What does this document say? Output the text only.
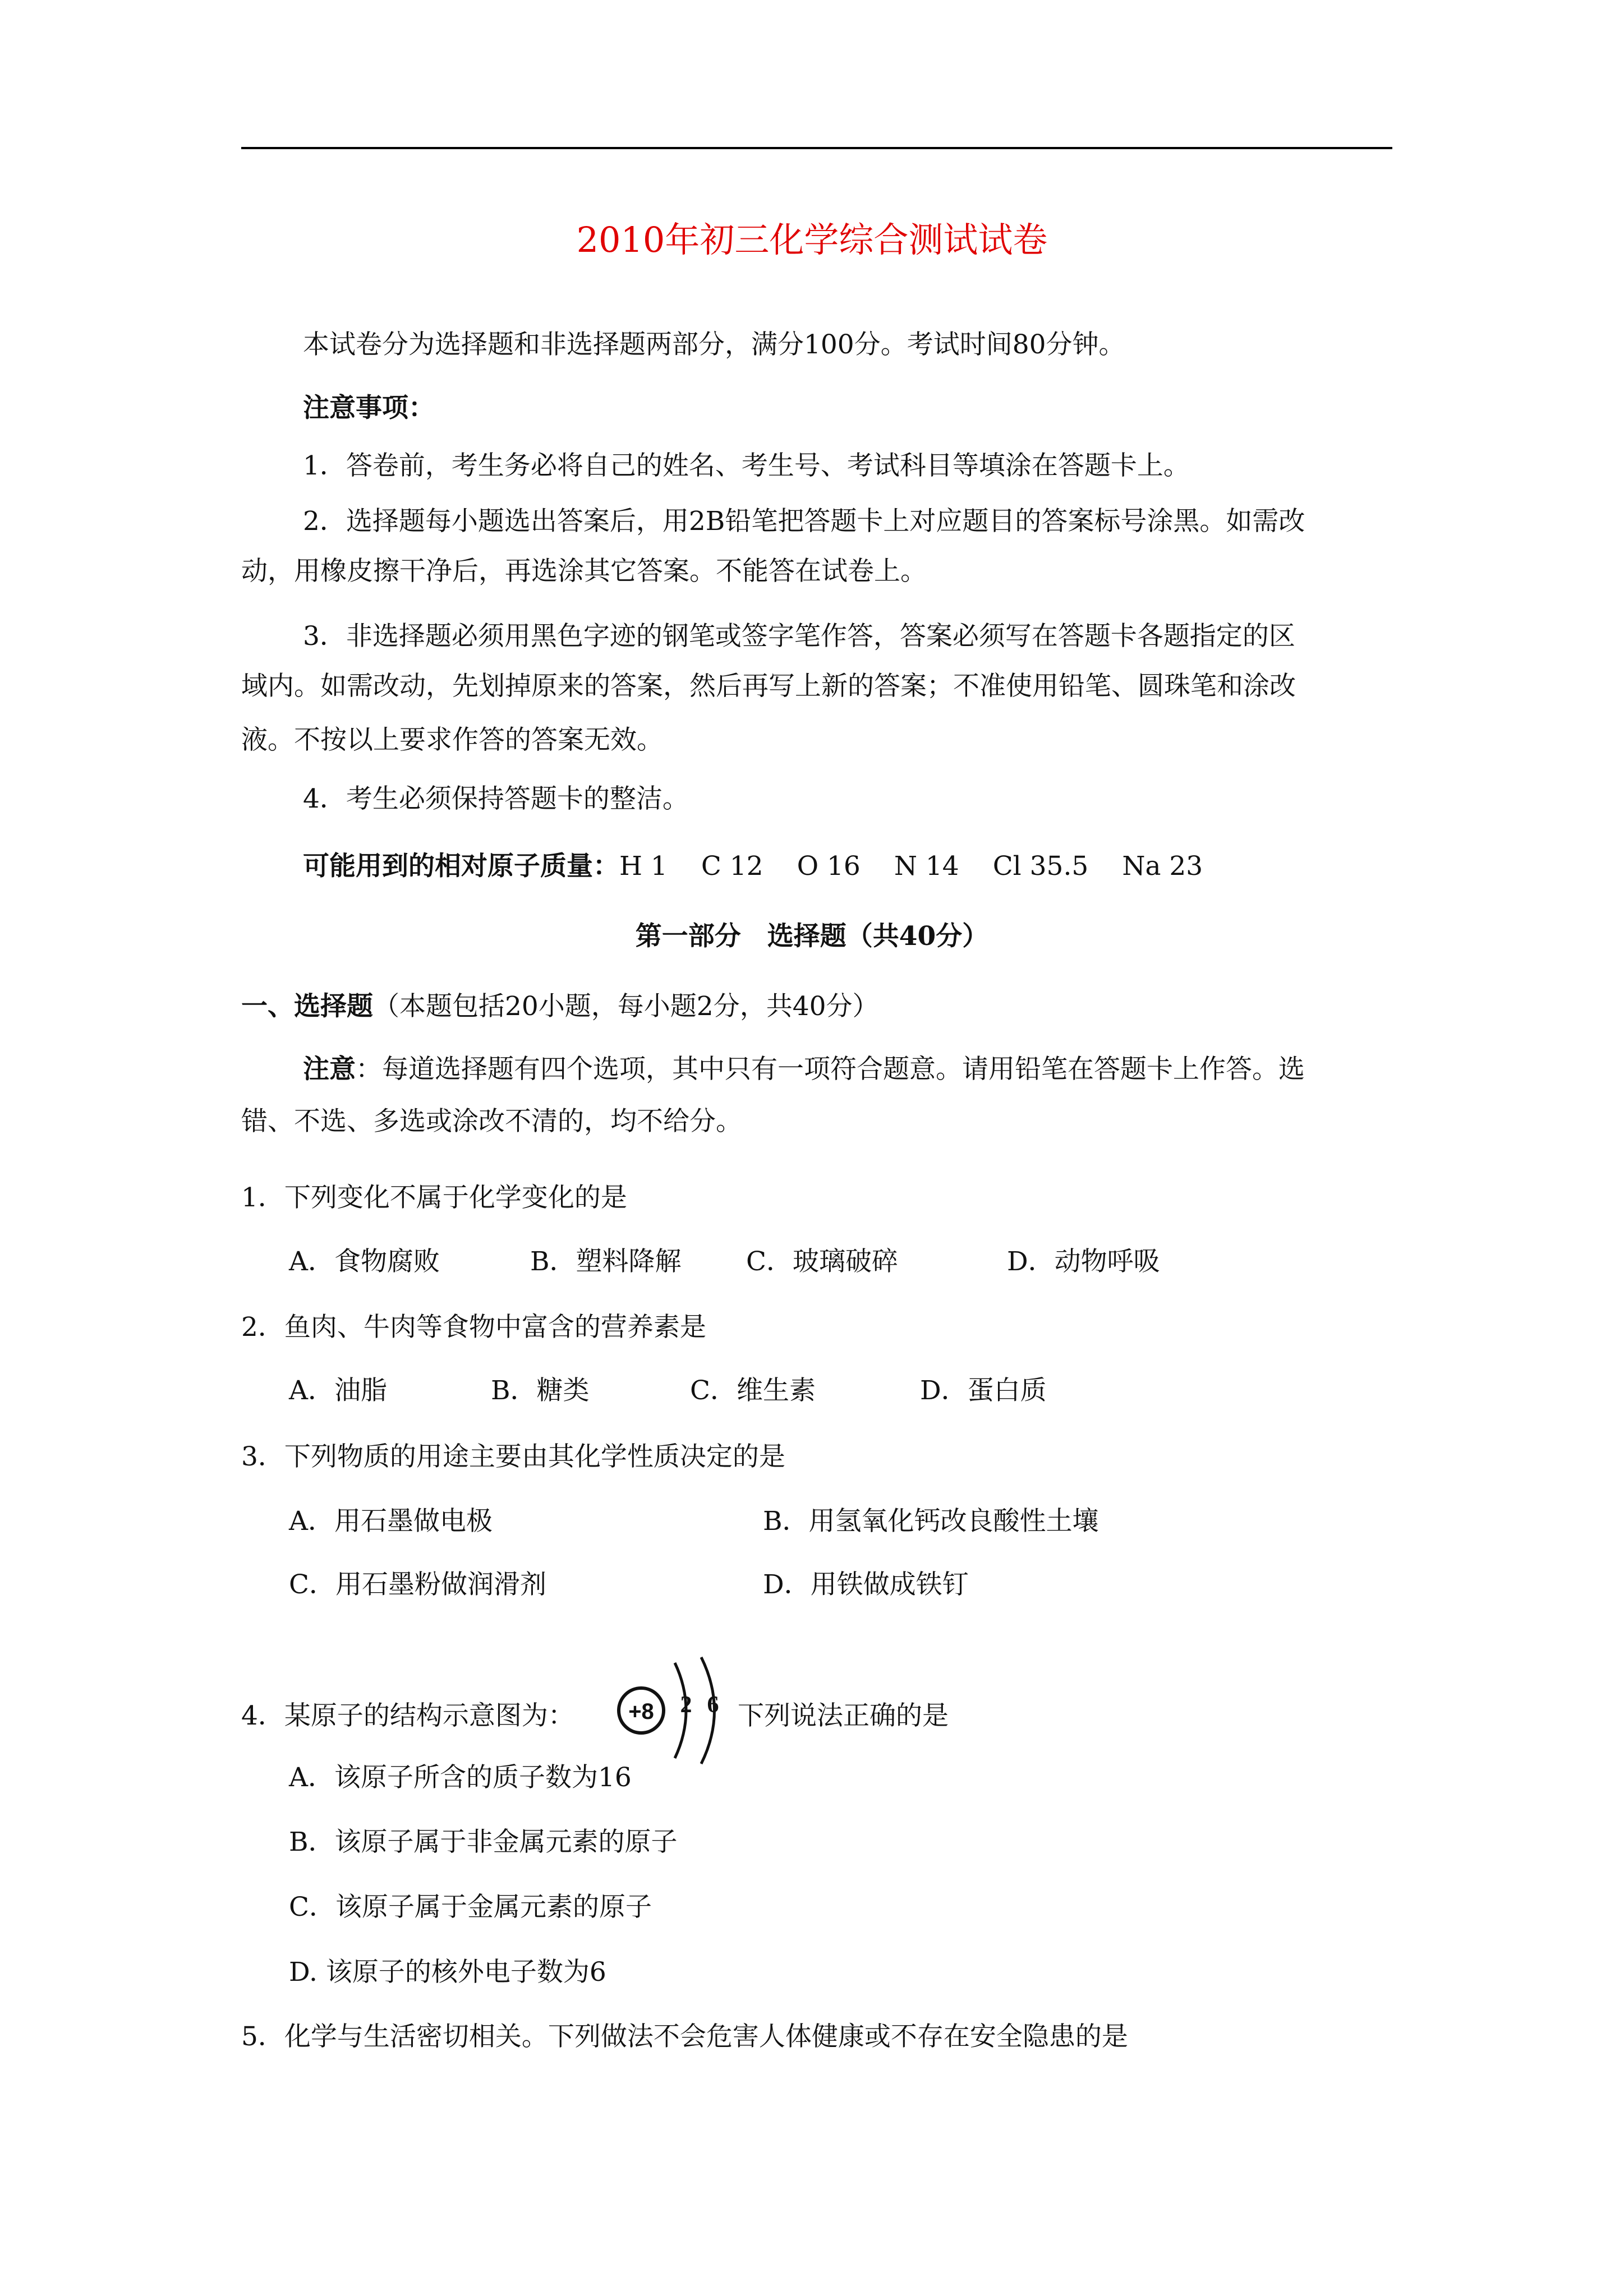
2010年初三化学综合测试试卷
本试卷分为选择题和非选择题两部分，满分100分。考试时间80分钟。
注意事项：
1．答卷前，考生务必将自己的姓名、考生号、考试科目等填涂在答题卡上。
2．选择题每小题选出答案后，用2B铅笔把答题卡上对应题目的答案标号涂黑。如需改
动，用橡皮擦干净后，再选涂其它答案。不能答在试卷上。
3．非选择题必须用黑色字迹的钢笔或签字笔作答，答案必须写在答题卡各题指定的区
域内。如需改动，先划掉原来的答案，然后再写上新的答案；不准使用铅笔、圆珠笔和涂改
液。不按以上要求作答的答案无效。
4．考生必须保持答题卡的整洁。
可能用到的相对原子质量：H 1 C 12 O 16 N 14 Cl 35.5 Na 23
第一部分　选择题（共40分）
一、选择题（本题包括20小题，每小题2分，共40分）
注意：每道选择题有四个选项，其中只有一项符合题意。请用铅笔在答题卡上作答。选
错、不选、多选或涂改不清的，均不给分。
1．下列变化不属于化学变化的是
A．食物腐败	B．塑料降解 C．玻璃破碎	D．动物呼吸
2．鱼肉、牛肉等食物中富含的营养素是
A．油脂	B．糖类	C．维生素	D．蛋白质
3．下列物质的用途主要由其化学性质决定的是
A．用石墨做电极	B．用氢氧化钙改良酸性土壤
C．用石墨粉做润滑剂	D．用铁做成铁钉
4．某原子的结构示意图为： +8 2 6 下列说法正确的是
A．该原子所含的质子数为16
B．该原子属于非金属元素的原子
C．该原子属于金属元素的原子
D. 该原子的核外电子数为6
5．化学与生活密切相关。下列做法不会危害人体健康或不存在安全隐患的是
